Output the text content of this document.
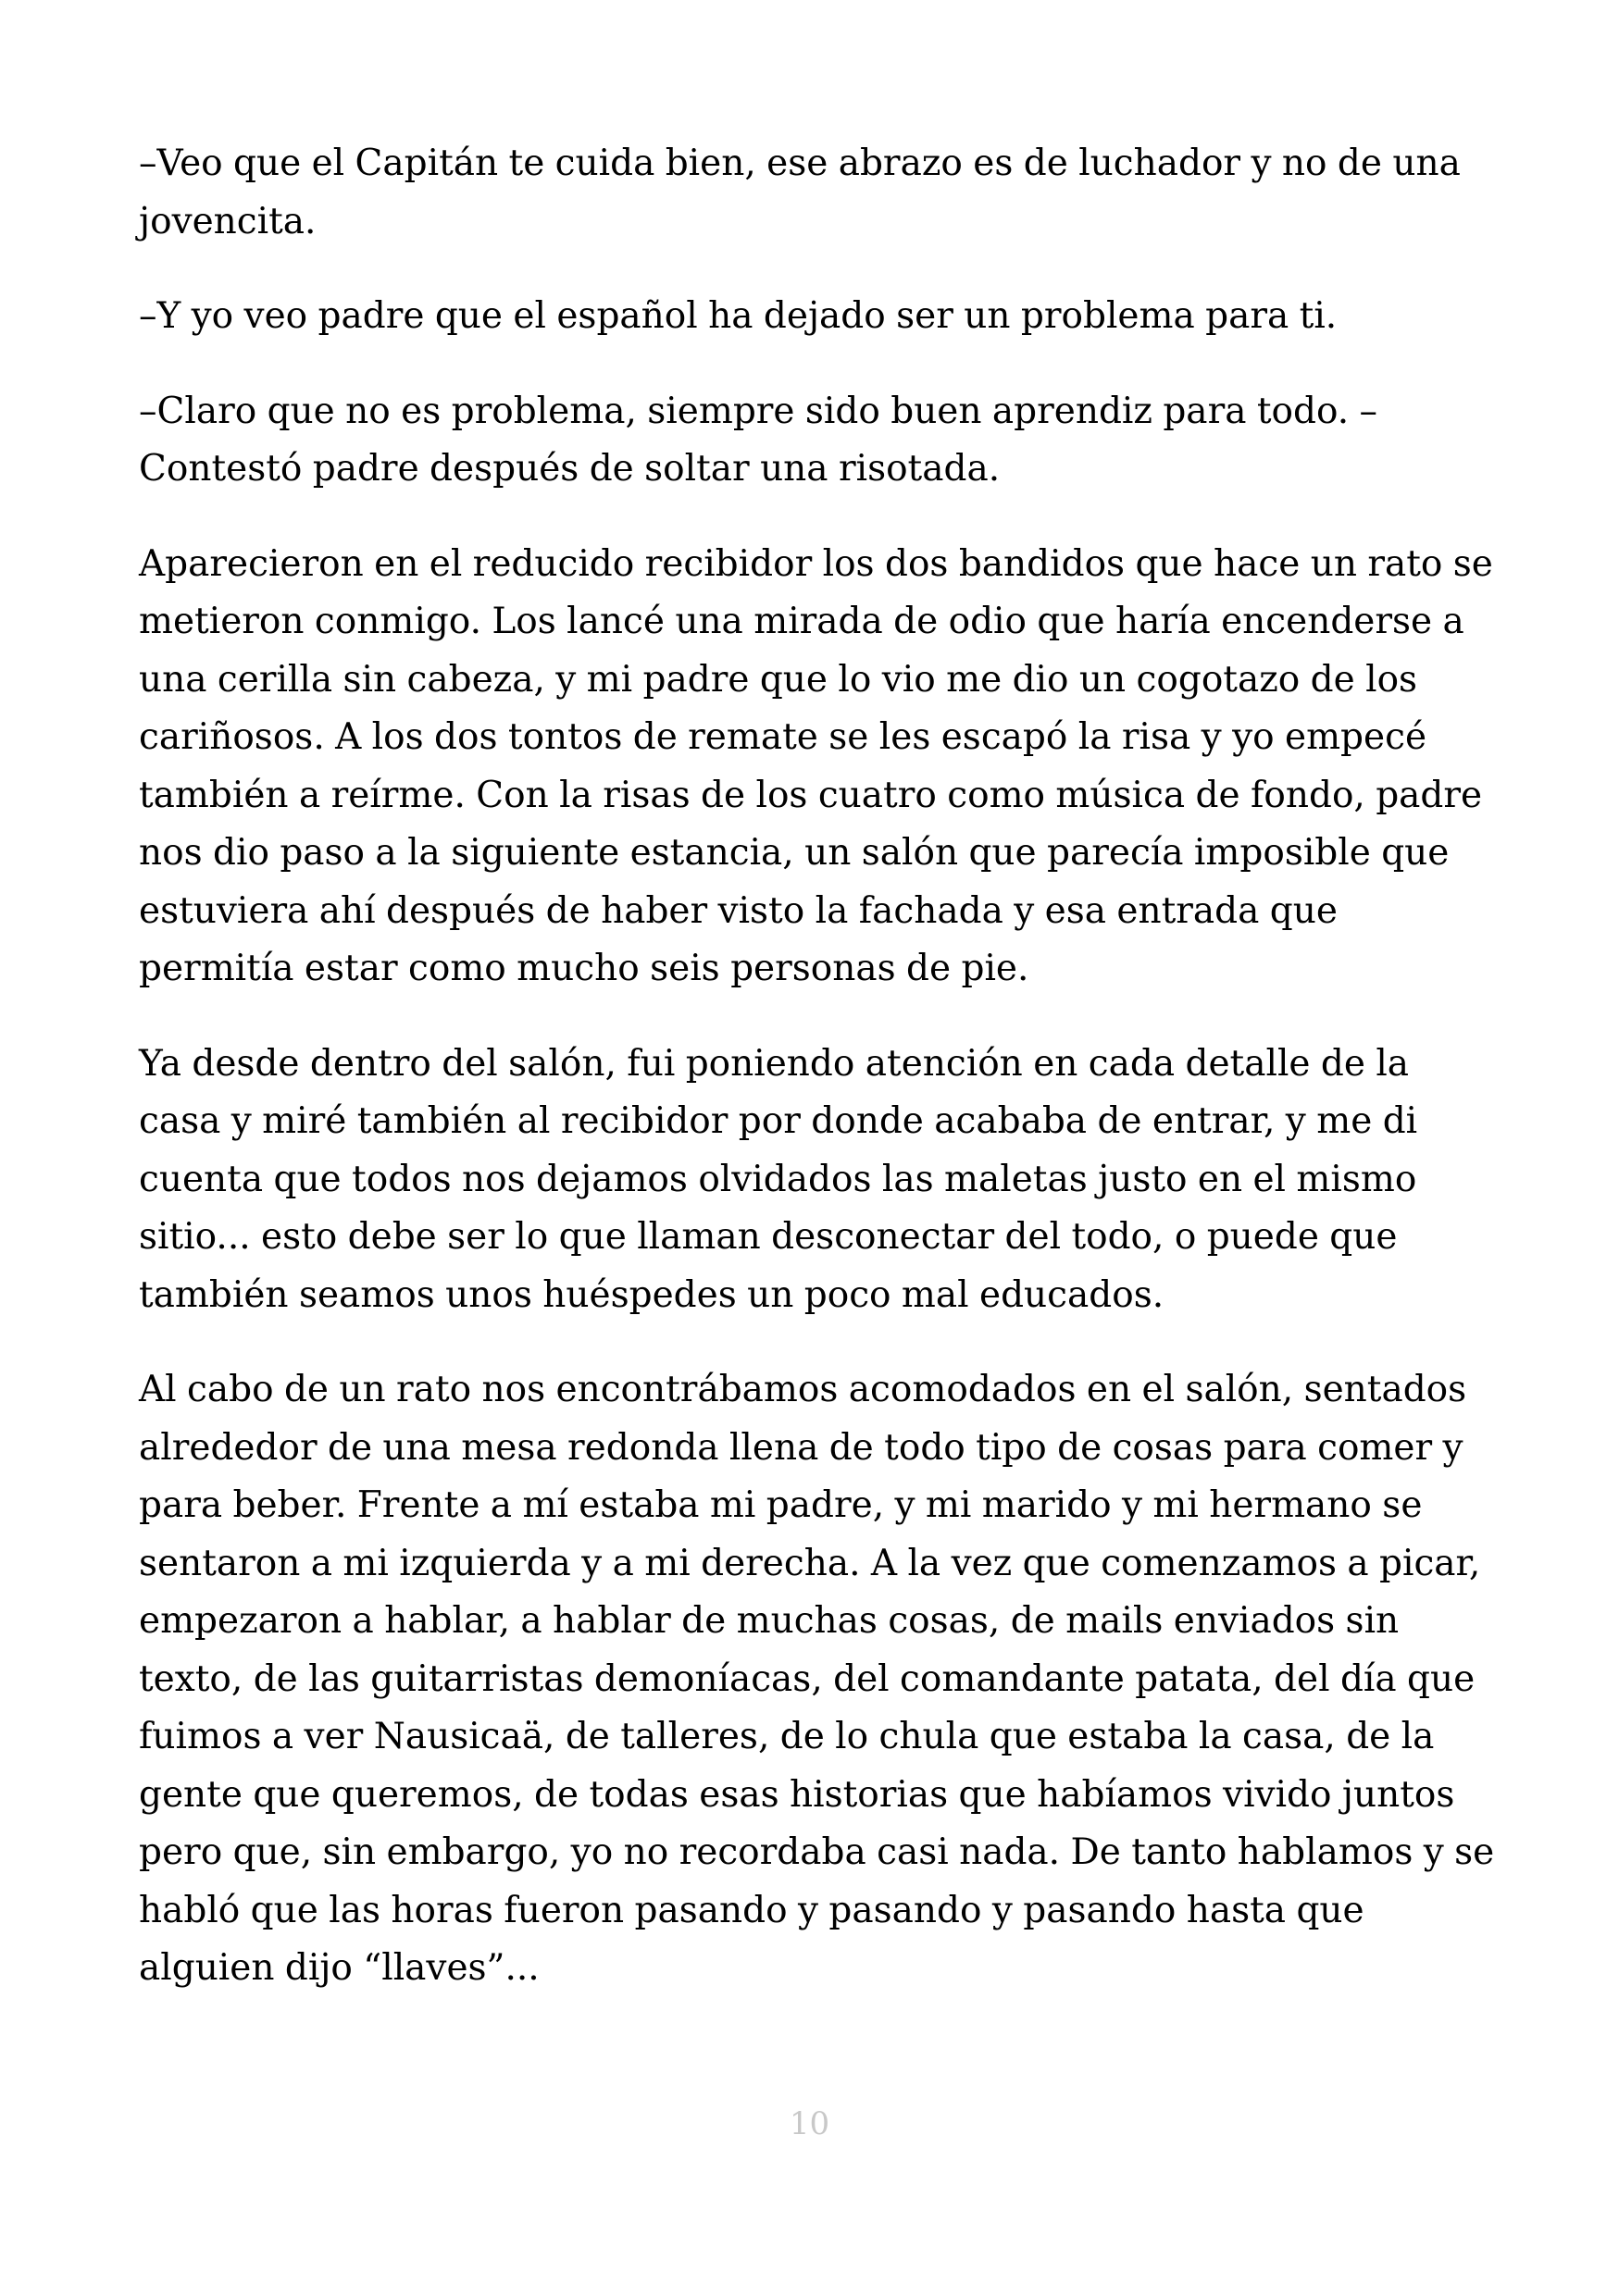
–Veo que el Capitán te cuida bien, ese abrazo es de luchador y no de una jovencita.

–Y yo veo padre que el español ha dejado ser un problema para ti.

–Claro que no es problema, siempre sido buen aprendiz para todo. –Contestó padre después de soltar una risotada.

Aparecieron en el reducido recibidor los dos bandidos que hace un rato se metieron conmigo. Los lancé una mirada de odio que haría encenderse a una cerilla sin cabeza, y mi padre que lo vio me dio un cogotazo de los cariñosos. A los dos tontos de remate se les escapó la risa y yo empecé también a reírme. Con la risas de los cuatro como música de fondo, padre nos dio paso a la siguiente estancia, un salón que parecía imposible que estuviera ahí después de haber visto la fachada y esa entrada que permitía estar como mucho seis personas de pie.

Ya desde dentro del salón, fui poniendo atención en cada detalle de la casa y miré también al recibidor por donde acababa de entrar, y me di cuenta que todos nos dejamos olvidados las maletas justo en el mismo sitio... esto debe ser lo que llaman desconectar del todo, o puede que también seamos unos huéspedes un poco mal educados.

Al cabo de un rato nos encontrábamos acomodados en el salón, sentados alrededor de una mesa redonda llena de todo tipo de cosas para comer y para beber. Frente a mí estaba mi padre, y mi marido y mi hermano se sentaron a mi izquierda y a mi derecha. A la vez que comenzamos a picar, empezaron a hablar, a hablar de muchas cosas, de mails enviados sin texto, de las guitarristas demoníacas, del comandante patata, del día que fuimos a ver Nausicaä, de talleres, de lo chula que estaba la casa, de la gente que queremos, de todas esas historias que habíamos vivido juntos pero que, sin embargo, yo no recordaba casi nada. De tanto hablamos y se habló que las horas fueron pasando y pasando y pasando hasta que alguien dijo “llaves”...

10
